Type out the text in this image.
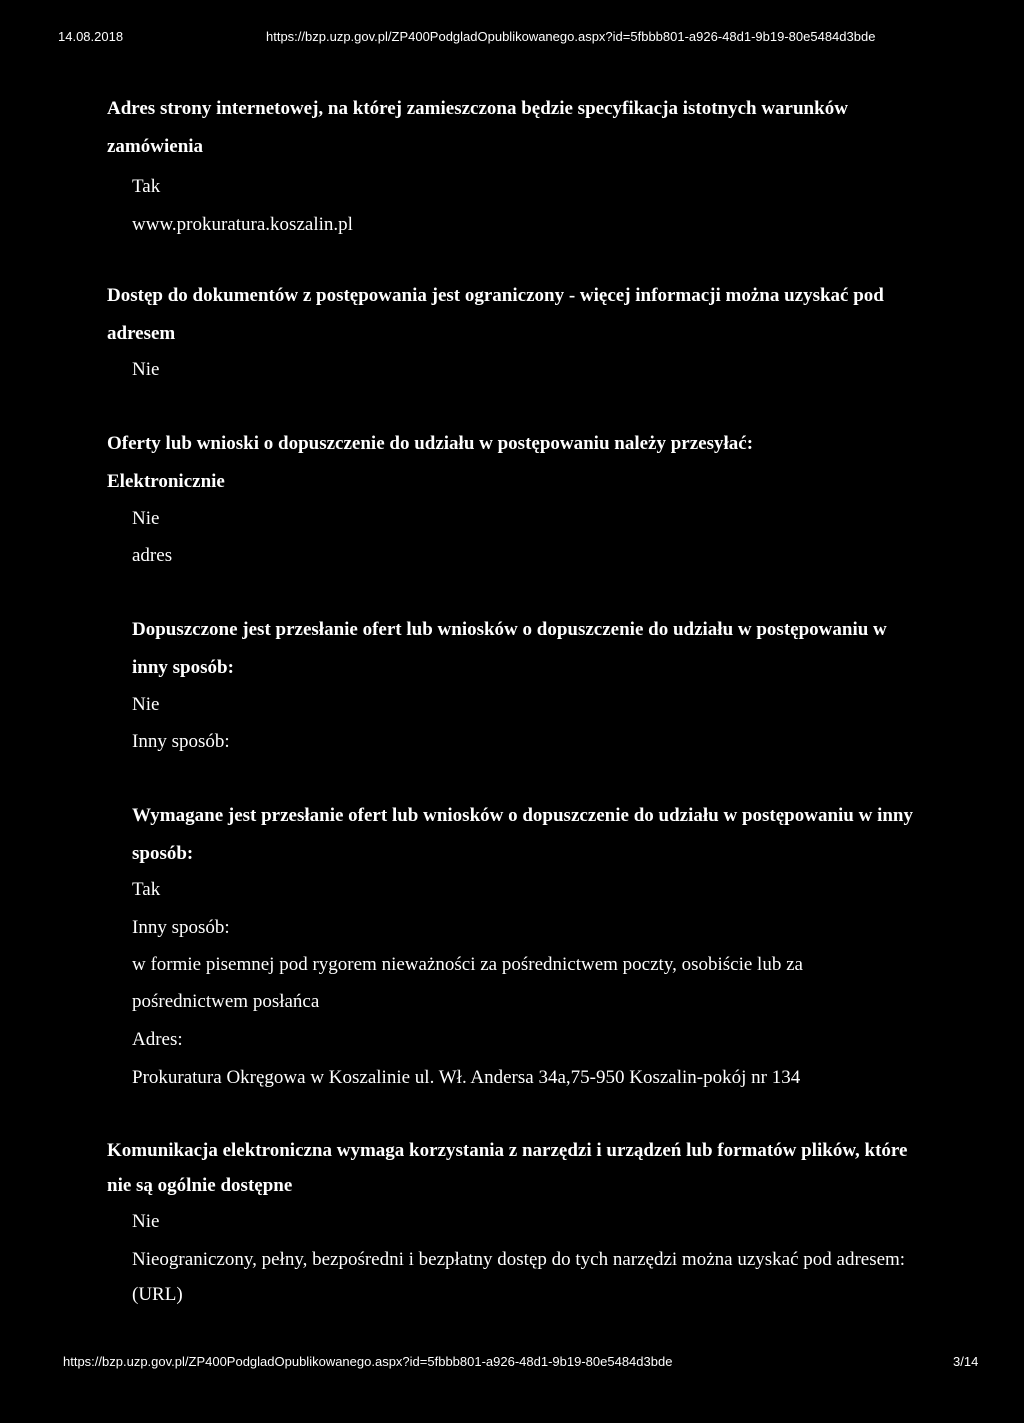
14.08.2018	https://bzp.uzp.gov.pl/ZP400PodgladOpublikowanego.aspx?id=5fbbb801-a926-48d1-9b19-80e5484d3bde
Adres strony internetowej, na której zamieszczona będzie specyfikacja istotnych warunków
zamówienia
Tak
www.prokuratura.koszalin.pl
Dostęp do dokumentów z postępowania jest ograniczony - więcej informacji można uzyskać pod
adresem
Nie
Oferty lub wnioski o dopuszczenie do udziału w postępowaniu należy przesyłać:
Elektronicznie
Nie
adres
Dopuszczone jest przesłanie ofert lub wniosków o dopuszczenie do udziału w postępowaniu w
inny sposób:
Nie
Inny sposób:
Wymagane jest przesłanie ofert lub wniosków o dopuszczenie do udziału w postępowaniu w inny
sposób:
Tak
Inny sposób:
w formie pisemnej pod rygorem nieważności za pośrednictwem poczty, osobiście lub za
pośrednictwem posłańca
Adres:
Prokuratura Okręgowa w Koszalinie ul. Wł. Andersa 34a,75-950 Koszalin-pokój nr 134
Komunikacja elektroniczna wymaga korzystania z narzędzi i urządzeń lub formatów plików, które
nie są ogólnie dostępne
Nie
Nieograniczony, pełny, bezpośredni i bezpłatny dostęp do tych narzędzi można uzyskać pod adresem:
(URL)
https://bzp.uzp.gov.pl/ZP400PodgladOpublikowanego.aspx?id=5fbbb801-a926-48d1-9b19-80e5484d3bde	3/14
